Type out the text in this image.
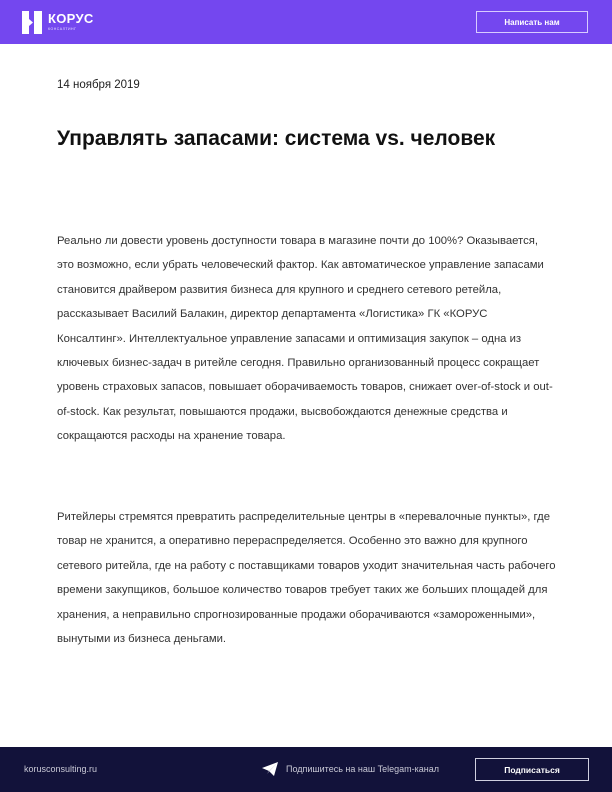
КОРУС
КОНСАЛТИНГ
Написать нам
14 ноября 2019
Управлять запасами: система vs. человек
Реально ли довести уровень доступности товара в магазине почти до 100%? Оказывается, это возможно, если убрать человеческий фактор. Как автоматическое управление запасами становится драйвером развития бизнеса для крупного и среднего сетевого ретейла, рассказывает Василий Балакин, директор департамента «Логистика» ГК «КОРУС Консалтинг». Интеллектуальное управление запасами и оптимизация закупок – одна из ключевых бизнес-задач в ритейле сегодня. Правильно организованный процесс сокращает уровень страховых запасов, повышает оборачиваемость товаров, снижает over-of-stock и out-of-stock. Как результат, повышаются продажи, высвобождаются денежные средства и сокращаются расходы на хранение товара.
Ритейлеры стремятся превратить распределительные центры в «перевалочные пункты», где товар не хранится, а оперативно перераспределяется. Особенно это важно для крупного сетевого ритейла, где на работу с поставщиками товаров уходит значительная часть рабочего времени закупщиков, большое количество товаров требует таких же больших площадей для хранения, а неправильно спрогнозированные продажи оборачиваются «замороженными», вынутыми из бизнеса деньгами.
korusconsulting.ru	Подпишитесь на наш Telegam-канал	Подписаться
